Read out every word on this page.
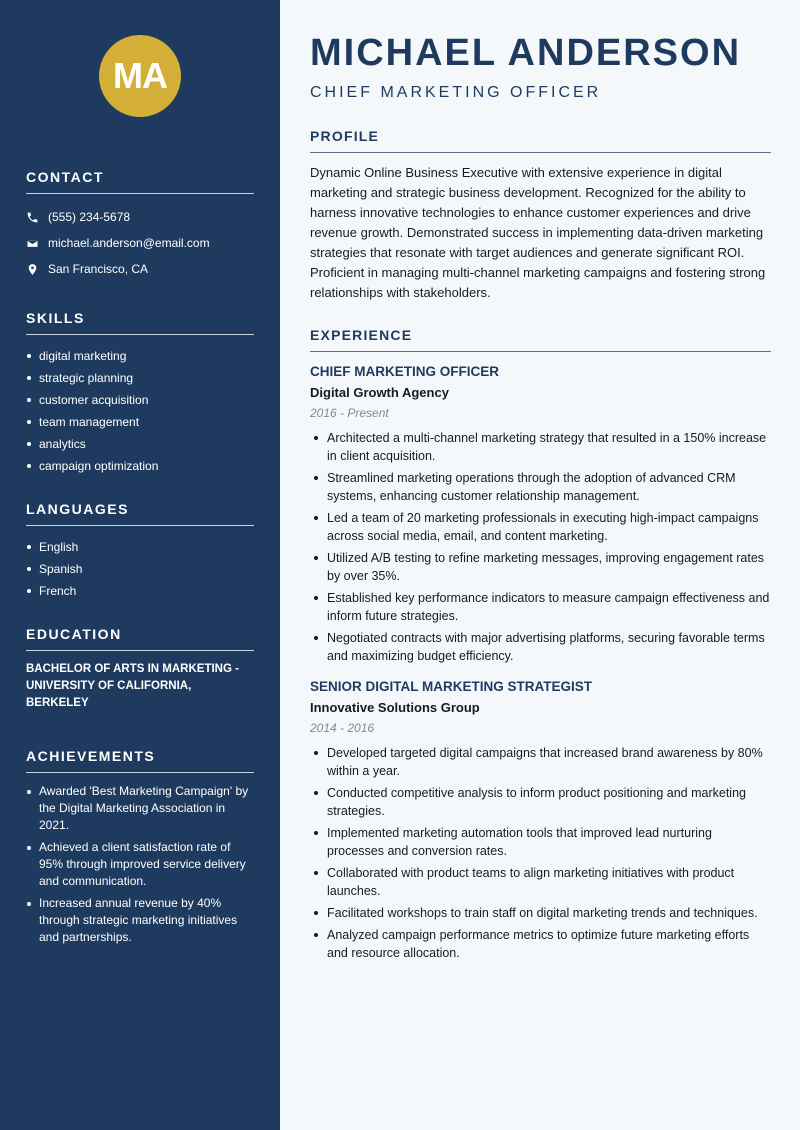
MA
CONTACT
(555) 234-5678
michael.anderson@email.com
San Francisco, CA
SKILLS
digital marketing
strategic planning
customer acquisition
team management
analytics
campaign optimization
LANGUAGES
English
Spanish
French
EDUCATION
BACHELOR OF ARTS IN MARKETING - UNIVERSITY OF CALIFORNIA, BERKELEY
ACHIEVEMENTS
Awarded 'Best Marketing Campaign' by the Digital Marketing Association in 2021.
Achieved a client satisfaction rate of 95% through improved service delivery and communication.
Increased annual revenue by 40% through strategic marketing initiatives and partnerships.
MICHAEL ANDERSON
CHIEF MARKETING OFFICER
PROFILE

Dynamic Online Business Executive with extensive experience in digital marketing and strategic business development. Recognized for the ability to harness innovative technologies to enhance customer experiences and drive revenue growth. Demonstrated success in implementing data-driven marketing strategies that resonate with target audiences and generate significant ROI. Proficient in managing multi-channel marketing campaigns and fostering strong relationships with stakeholders.

EXPERIENCE
CHIEF MARKETING OFFICER
Digital Growth Agency
2016 - Present
Architected a multi-channel marketing strategy that resulted in a 150% increase in client acquisition.
Streamlined marketing operations through the adoption of advanced CRM systems, enhancing customer relationship management.
Led a team of 20 marketing professionals in executing high-impact campaigns across social media, email, and content marketing.
Utilized A/B testing to refine marketing messages, improving engagement rates by over 35%.
Established key performance indicators to measure campaign effectiveness and inform future strategies.
Negotiated contracts with major advertising platforms, securing favorable terms and maximizing budget efficiency.
SENIOR DIGITAL MARKETING STRATEGIST
Innovative Solutions Group
2014 - 2016
Developed targeted digital campaigns that increased brand awareness by 80% within a year.
Conducted competitive analysis to inform product positioning and marketing strategies.
Implemented marketing automation tools that improved lead nurturing processes and conversion rates.
Collaborated with product teams to align marketing initiatives with product launches.
Facilitated workshops to train staff on digital marketing trends and techniques.
Analyzed campaign performance metrics to optimize future marketing efforts and resource allocation.
